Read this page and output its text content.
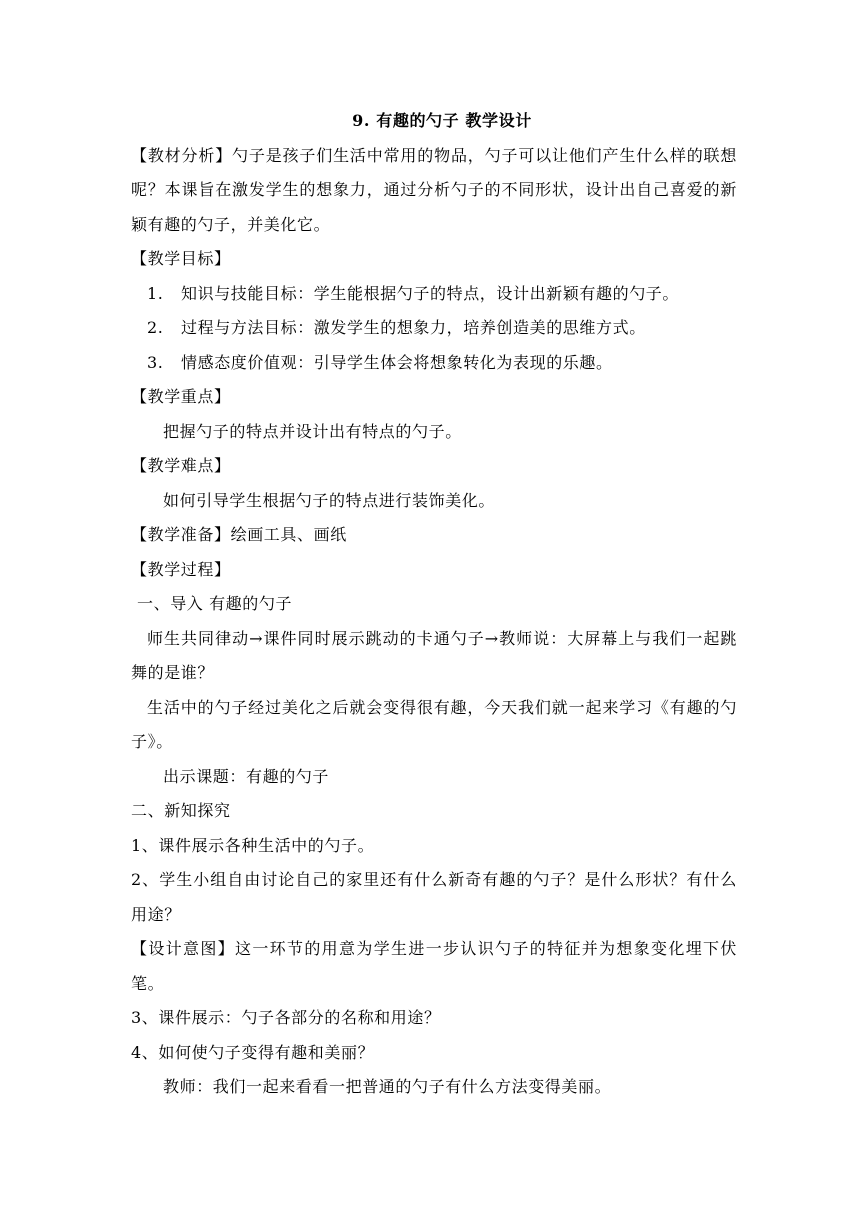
9. 有趣的勺子 教学设计
【教材分析】勺子是孩子们生活中常用的物品，勺子可以让他们产生什么样的联想呢？本课旨在激发学生的想象力，通过分析勺子的不同形状，设计出自己喜爱的新颖有趣的勺子，并美化它。
【教学目标】
1. 知识与技能目标：学生能根据勺子的特点，设计出新颖有趣的勺子。
2. 过程与方法目标：激发学生的想象力，培养创造美的思维方式。
3. 情感态度价值观：引导学生体会将想象转化为表现的乐趣。
【教学重点】
把握勺子的特点并设计出有特点的勺子。
【教学难点】
如何引导学生根据勺子的特点进行装饰美化。
【教学准备】绘画工具、画纸
【教学过程】
一、导入 有趣的勺子
师生共同律动→课件同时展示跳动的卡通勺子→教师说：大屏幕上与我们一起跳舞的是谁？
生活中的勺子经过美化之后就会变得很有趣，今天我们就一起来学习《有趣的勺子》。
出示课题：有趣的勺子
二、新知探究
1、课件展示各种生活中的勺子。
2、学生小组自由讨论自己的家里还有什么新奇有趣的勺子？是什么形状？有什么用途？
【设计意图】这一环节的用意为学生进一步认识勺子的特征并为想象变化埋下伏笔。
3、课件展示：勺子各部分的名称和用途？
4、如何使勺子变得有趣和美丽？
教师：我们一起来看看一把普通的勺子有什么方法变得美丽。
